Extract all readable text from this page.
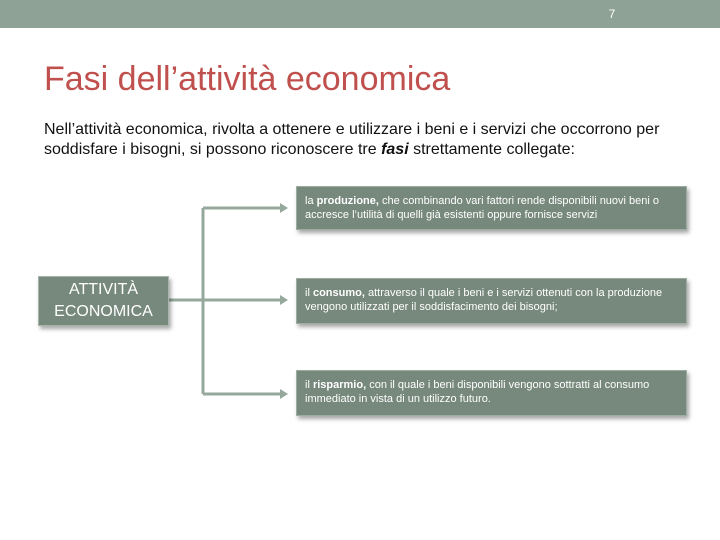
7
Fasi dell’attività economica

Nell’attività economica, rivolta a ottenere e utilizzare i beni e i servizi che occorrono per soddisfare i bisogni, si possono riconoscere tre fasi strettamente collegate:

ATTIVITÀ
ECONOMICA
la produzione, che combinando vari fattori rende disponibili nuovi beni o accresce l’utilità di quelli già esistenti oppure fornisce servizi
il consumo, attraverso il quale i beni e i servizi ottenuti con la produzione vengono utilizzati per il soddisfacimento dei bisogni;
il risparmio, con il quale i beni disponibili vengono sottratti al consumo immediato in vista di un utilizzo futuro.
